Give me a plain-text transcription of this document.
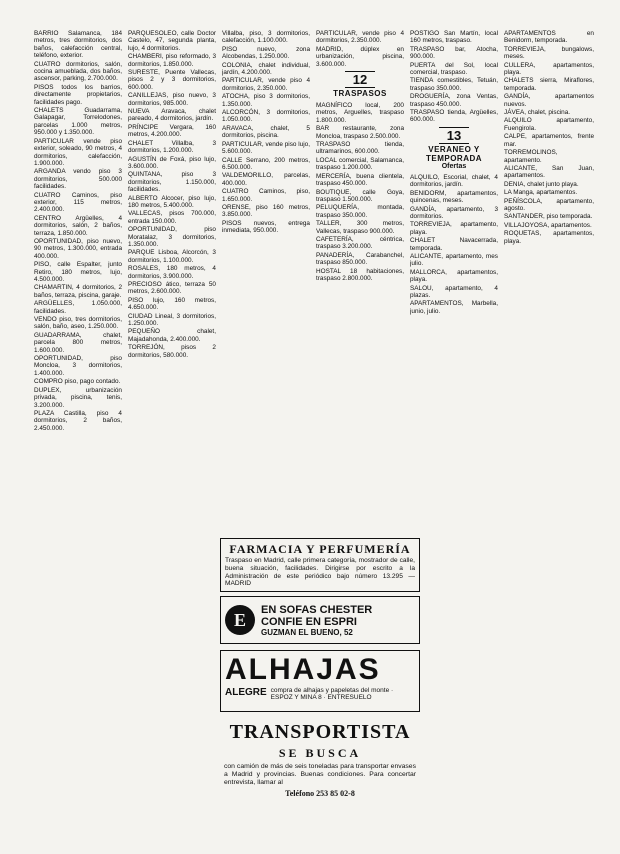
BARRIO Salamanca, 184 metros, tres dormitorios, dos baños, calefacción central, teléfono, exterior.

CUATRO dormitorios, salón, cocina amueblada, dos baños, ascensor, parking, 2.700.000.

PISOS todos los barrios, directamente propietarios, facilidades pago.

CHALETS Guadarrama, Galapagar, Torrelodones, parcelas 1.000 metros, 950.000 y 1.350.000.

PARTICULAR vende piso exterior, soleado, 90 metros, 4 dormitorios, calefacción, 1.900.000.

ARGANDA vendo piso 3 dormitorios, 500.000 facilidades.

CUATRO Caminos, piso exterior, 115 metros, 2.400.000.

CENTRO Argüelles, 4 dormitorios, salón, 2 baños, terraza, 1.850.000.

OPORTUNIDAD, piso nuevo, 90 metros, 1.300.000, entrada 400.000.

PISO, calle Espalter, junto Retiro, 180 metros, lujo, 4.500.000.

CHAMARTIN, 4 dormitorios, 2 baños, terraza, piscina, garaje.

ARGÜELLES, 1.050.000, facilidades.

VENDO piso, tres dormitorios, salón, baño, aseo, 1.250.000.

GUADARRAMA, chalet, parcela 800 metros, 1.600.000.

OPORTUNIDAD, piso Moncloa, 3 dormitorios, 1.400.000.

COMPRO piso, pago contado.

DUPLEX, urbanización privada, piscina, tenis, 3.200.000.

PLAZA Castilla, piso 4 dormitorios, 2 baños, 2.450.000.

PARQUESOLEO, calle Doctor Castelo, 47, segunda planta, lujo, 4 dormitorios.

CHAMBERI, piso reformado, 3 dormitorios, 1.850.000.

SURESTE, Puente Vallecas, pisos 2 y 3 dormitorios, 600.000.

CANILLEJAS, piso nuevo, 3 dormitorios, 985.000.

NUEVA Aravaca, chalet pareado, 4 dormitorios, jardín.

PRÍNCIPE Vergara, 160 metros, 4.200.000.

CHALET Villalba, 3 dormitorios, 1.200.000.

AGUSTÍN de Foxá, piso lujo, 3.600.000.

QUINTANA, piso 3 dormitorios, 1.150.000, facilidades.

ALBERTO Alcocer, piso lujo, 180 metros, 5.400.000.

VALLECAS, pisos 700.000, entrada 150.000.

OPORTUNIDAD, piso Moratalaz, 3 dormitorios, 1.350.000.

PARQUE Lisboa, Alcorcón, 3 dormitorios, 1.100.000.

ROSALES, 180 metros, 4 dormitorios, 3.900.000.

PRECIOSO ático, terraza 50 metros, 2.600.000.

PISO lujo, 160 metros, 4.650.000.

CIUDAD Lineal, 3 dormitorios, 1.250.000.

PEQUEÑO chalet, Majadahonda, 2.400.000.

TORREJÓN, pisos 2 dormitorios, 580.000.

Villalba, piso, 3 dormitorios, calefacción, 1.100.000.

PISO nuevo, zona Alcobendas, 1.250.000.

COLONIA, chalet individual, jardín, 4.200.000.

PARTICULAR, vende piso 4 dormitorios, 2.350.000.

ATOCHA, piso 3 dormitorios, 1.350.000.

ALCORCÓN, 3 dormitorios, 1.050.000.

ARAVACA, chalet, 5 dormitorios, piscina.

PARTICULAR, vende piso lujo, 5.600.000.

CALLE Serrano, 200 metros, 6.500.000.

VALDEMORILLO, parcelas, 400.000.

CUATRO Caminos, piso, 1.650.000.

ORENSE, piso 160 metros, 3.850.000.

PISOS nuevos, entrega inmediata, 950.000.

PARTICULAR, vende piso 4 dormitorios, 2.350.000.

MADRID, dúplex en urbanización, piscina, 3.600.000.

12
TRASPASOS

MAGNÍFICO local, 200 metros, Arguelles, traspaso 1.800.000.

BAR restaurante, zona Moncloa, traspaso 2.500.000.

TRASPASO tienda, ultramarinos, 600.000.

LOCAL comercial, Salamanca, traspaso 1.200.000.

MERCERÍA, buena clientela, traspaso 450.000.

BOUTIQUE, calle Goya, traspaso 1.500.000.

PELUQUERÍA, montada, traspaso 350.000.

TALLER, 300 metros, Vallecas, traspaso 900.000.

CAFETERÍA, céntrica, traspaso 3.200.000.

PANADERÍA, Carabanchel, traspaso 850.000.

HOSTAL 18 habitaciones, traspaso 2.800.000.

POSTIGO San Martín, local 160 metros, traspaso.

TRASPASO bar, Atocha, 900.000.

PUERTA del Sol, local comercial, traspaso.

TIENDA comestibles, Tetuán, traspaso 350.000.

DROGUERÍA, zona Ventas, traspaso 450.000.

TRASPASO tienda, Argüelles, 600.000.

13
VERANEO Y TEMPORADA
Ofertas

ALQUILO, Escorial, chalet, 4 dormitorios, jardín.

BENIDORM, apartamentos, quincenas, meses.

GANDÍA, apartamento, 3 dormitorios.

TORREVIEJA, apartamento, playa.

CHALET Navacerrada, temporada.

ALICANTE, apartamento, mes julio.

MALLORCA, apartamentos, playa.

SALOU, apartamento, 4 plazas.

APARTAMENTOS, Marbella, junio, julio.

APARTAMENTOS en Benidorm, temporada.

TORREVIEJA, bungalows, meses.

CULLERA, apartamentos, playa.

CHALETS sierra, Miraflores, temporada.

GANDÍA, apartamentos nuevos.

JÁVEA, chalet, piscina.

ALQUILO apartamento, Fuengirola.

CALPE, apartamentos, frente mar.

TORREMOLINOS, apartamento.

ALICANTE, San Juan, apartamentos.

DENIA, chalet junto playa.

LA Manga, apartamentos.

PEÑÍSCOLA, apartamento, agosto.

SANTANDER, piso temporada.

VILLAJOYOSA, apartamentos.

ROQUETAS, apartamentos, playa.

FARMACIA Y PERFUMERÍA
Traspaso en Madrid, calle primera categoría, mostrador de calle, buena situación, facilidades. Dirigirse por escrito a la Administración de este periódico bajo número 13.295 — MADRID
E	EN SOFAS CHESTER
CONFIE EN ESPRI
GUZMAN EL BUENO, 52
ALHAJAS
ALEGRE compra de alhajas y papeletas del monte · ESPOZ Y MINA 8 · ENTRESUELO
TRANSPORTISTA
SE BUSCA
con camión de más de seis toneladas para transportar envases a Madrid y provincias. Buenas condiciones. Para concertar entrevista, llamar al
Teléfono 253 85 02-8
